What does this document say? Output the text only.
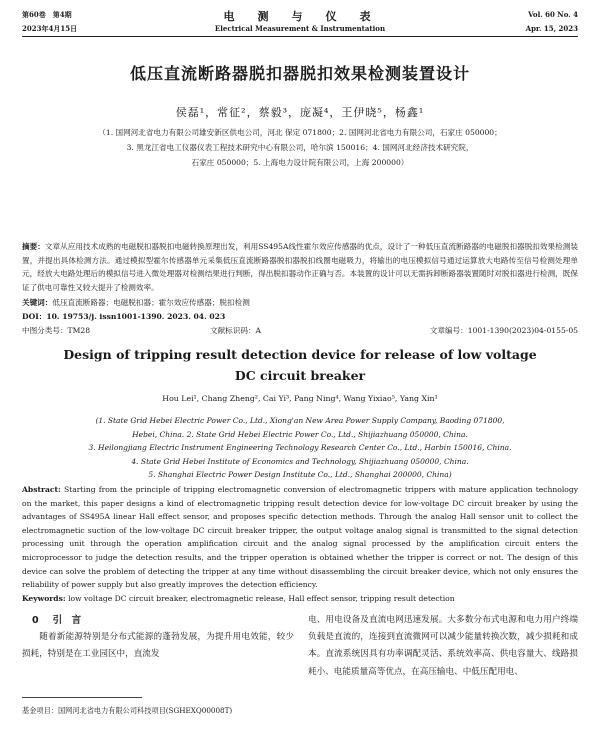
第60卷　第4期
2023年4月15日
电　测　与　仪　表
Electrical Measurement & Instrumentation
Vol. 60 No. 4
Apr. 15, 2023
低压直流断路器脱扣器脱扣效果检测装置设计
侯磊¹，常征²，蔡毅³，庞凝⁴，王伊晓⁵，杨鑫¹
（1. 国网河北省电力有限公司雄安新区供电公司，河北 保定 071800；2. 国网河北省电力有限公司，石家庄 050000；
3. 黑龙江省电工仪器仪表工程技术研究中心有限公司，哈尔滨 150016；4. 国网河北经济技术研究院，
石家庄 050000；5. 上海电力设计院有限公司，上海 200000）
摘要：文章从应用技术成熟的电磁脱扣器脱扣电磁转换原理出发，利用SS495A线性霍尔效应传感器的优点，设计了一种低压直流断路器的电磁脱扣器脱扣效果检测装置，并提出具体检测方法。通过模拟型霍尔传感器单元采集低压直流断路器脱扣器脱扣线圈电磁吸力，将输出的电压模拟信号通过运算放大电路传至信号检测处理单元，经放大电路处理后的模拟信号进入微处理器对检测结果进行判断，得出脱扣器动作正确与否。本装置的设计可以无需拆卸断路器装置随时对脱扣器进行检测，既保证了供电可靠性又较大提升了检测效率。
关键词：低压直流断路器；电磁脱扣器；霍尔效应传感器；脱扣检测
DOI：10. 19753/j. issn1001-1390. 2023. 04. 023
中图分类号：TM28	文献标识码：A	文章编号：1001-1390(2023)04-0155-05
Design of tripping result detection device for release of low voltage DC circuit breaker
Hou Lei¹, Chang Zheng², Cai Yi³, Pang Ning⁴, Wang Yixiao⁵, Yang Xin¹
(1. State Grid Hebei Electric Power Co., Ltd., Xiong'an New Area Power Supply Company, Baoding 071800,
Hebei, China. 2. State Grid Hebei Electric Power Co., Ltd., Shijiazhuang 050000, China.
3. Heilongjiang Electric Instrument Engineering Technology Research Center Co., Ltd., Harbin 150016, China.
4. State Grid Hebei Institute of Economics and Technology, Shijiazhuang 050000, China.
5. Shanghai Electric Power Design Institute Co., Ltd., Shanghai 200000, China)
Abstract: Starting from the principle of tripping electromagnetic conversion of electromagnetic trippers with mature application technology on the market, this paper designs a kind of electromagnetic tripping result detection device for low-voltage DC circuit breaker by using the advantages of SS495A linear Hall effect sensor, and proposes specific detection methods. Through the analog Hall sensor unit to collect the electromagnetic suction of the low-voltage DC circuit breaker tripper, the output voltage analog signal is transmitted to the signal detection processing unit through the operation amplification circuit and the analog signal processed by the amplification circuit enters the microprocessor to judge the detection results, and the tripper operation is obtained whether the tripper is correct or not. The design of this device can solve the problem of detecting the tripper at any time without disassembling the circuit breaker device, which not only ensures the reliability of power supply but also greatly improves the detection efficiency.
Keywords: low voltage DC circuit breaker, electromagnetic release, Hall effect sensor, tripping result detection
0 引　言
随着新能源特别是分布式能源的蓬勃发展，为提升用电效能，较少损耗，特别是在工业园区中，直流发
电、用电设备及直流电网迅速发展。大多数分布式电源和电力用户终端负载是直流的，连接到直流微网可以减少能量转换次数，减少损耗和成本。直流系统因具有功率调配灵活、系统效率高、供电容量大、线路损耗小、电能质量高等优点，在高压输电、中低压配用电、
基金项目：国网河北省电力有限公司科技项目(SGHEXQ00008T)
